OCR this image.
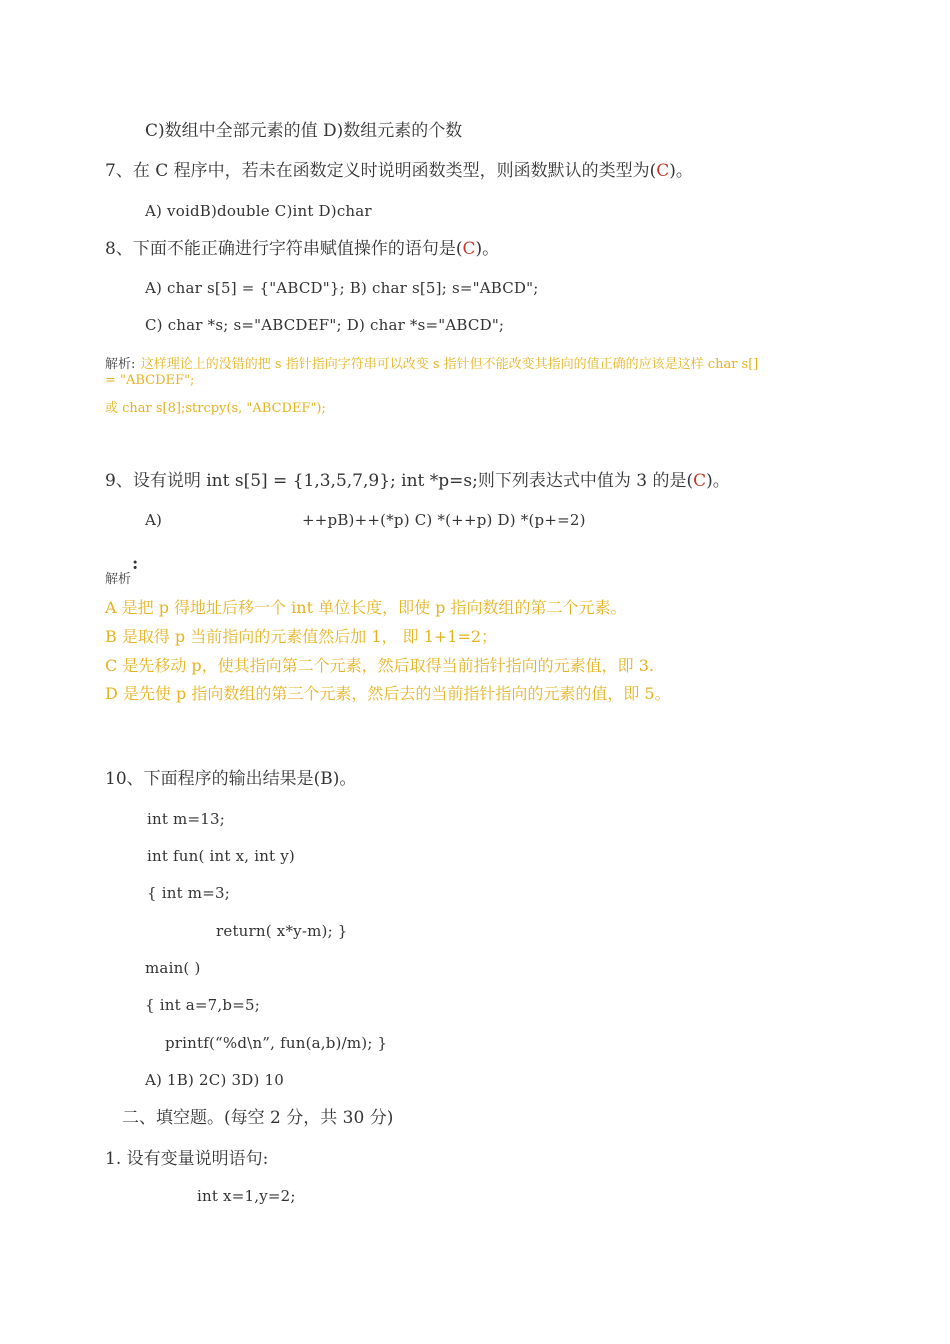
C)数组中全部元素的值 D)数组元素的个数
7、在 C 程序中，若未在函数定义时说明函数类型，则函数默认的类型为(C)。
A) voidB)double C)int D)char
8、下面不能正确进行字符串赋值操作的语句是(C)。
A) char s[5] = {"ABCD"}; B) char s[5]; s="ABCD";
C) char *s; s="ABCDEF"; D) char *s="ABCD";
解析: 这样理论上的没错的把 s 指针指向字符串可以改变 s 指针但不能改变其指向的值正确的应该是这样 char s[]
= "ABCDEF";
或 char s[8];strcpy(s, "ABCDEF");
9、设有说明 int s[5] = {1,3,5,7,9}; int *p=s;则下列表达式中值为 3 的是(C)。
A)	++pB)++(*p) C) *(++p) D) *(p+=2)
:
解析
A 是把 p 得地址后移一个 int 单位长度，即使 p 指向数组的第二个元素。
B 是取得 p 当前指向的元素值然后加 1， 即 1+1=2；
C 是先移动 p，使其指向第二个元素，然后取得当前指针指向的元素值，即 3.
D 是先使 p 指向数组的第三个元素，然后去的当前指针指向的元素的值，即 5。
10、下面程序的输出结果是(B)。
int m=13;
int fun( int x, int y)
{ int m=3;
return( x*y-m); }
main( )
{ int a=7,b=5;
printf(“%d\n”, fun(a,b)/m); }
A) 1B) 2C) 3D) 10
二、填空题。(每空 2 分，共 30 分)
1. 设有变量说明语句:
int x=1,y=2;
